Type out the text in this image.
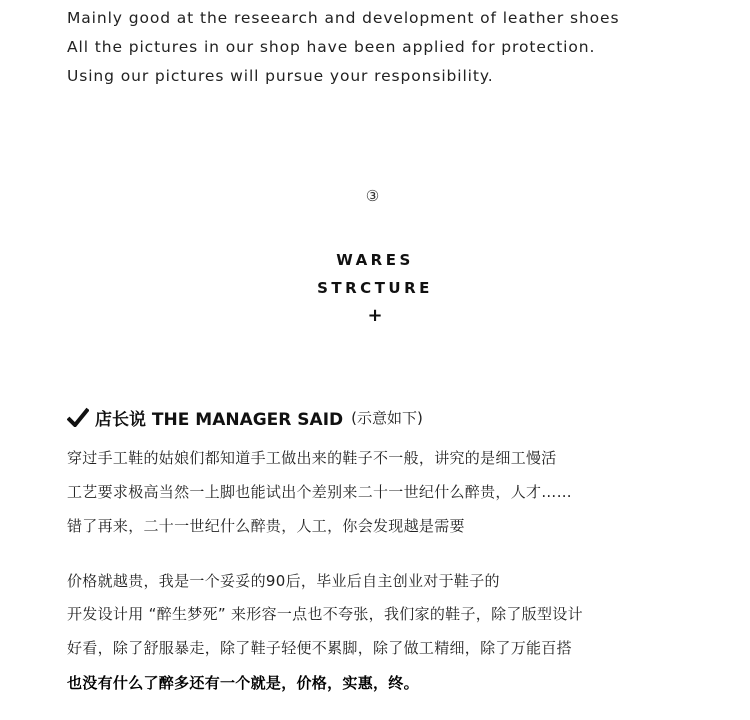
Mainly good at the reseearch and development of leather shoes
All the pictures in our shop have been applied for protection.
Using our pictures will pursue your responsibility.
③
WARES
STRCTURE
+
店长说 THE MANAGER SAID (示意如下)
穿过手工鞋的姑娘们都知道手工做出来的鞋子不一般，讲究的是细工慢活
工艺要求极高当然一上脚也能试出个差别来二十一世纪什么醉贵，人才……
错了再来，二十一世纪什么醉贵，人工，你会发现越是需要
价格就越贵，我是一个妥妥的90后，毕业后自主创业对于鞋子的
开发设计用 “醉生梦死” 来形容一点也不夸张，我们家的鞋子，除了版型设计
好看，除了舒服暴走，除了鞋子轻便不累脚，除了做工精细，除了万能百搭
也没有什么了醉多还有一个就是，价格，实惠，终。
